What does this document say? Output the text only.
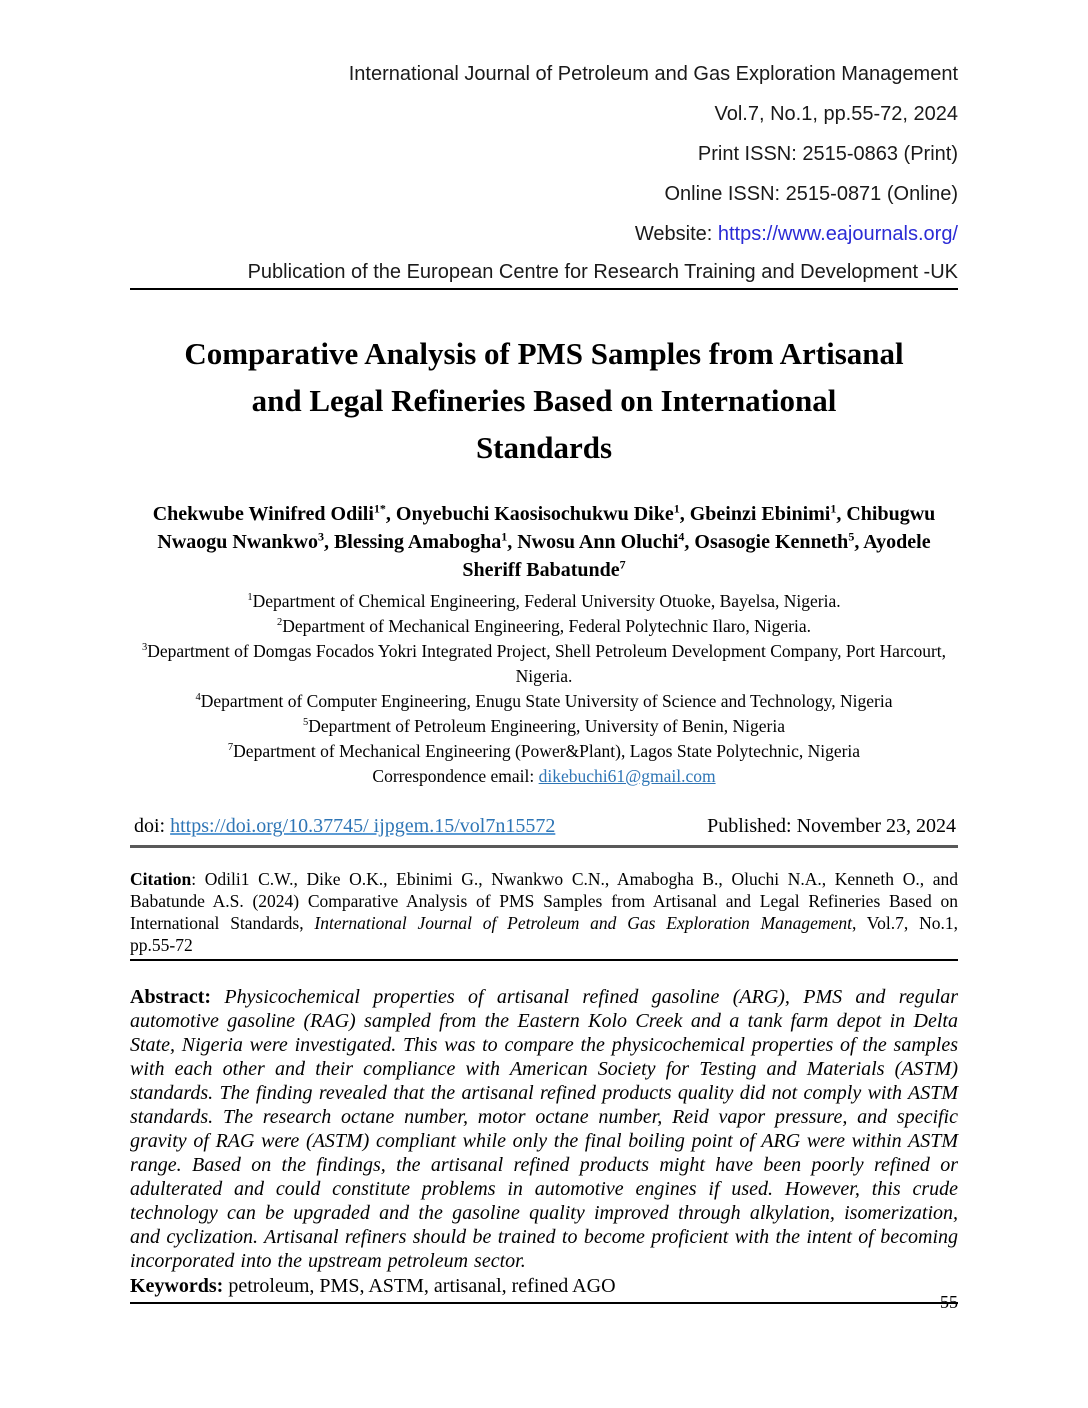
International Journal of Petroleum and Gas Exploration Management
Vol.7, No.1, pp.55-72, 2024
Print ISSN: 2515-0863 (Print)
Online ISSN: 2515-0871 (Online)
Website: https://www.eajournals.org/
Publication of the European Centre for Research Training and Development -UK
Comparative Analysis of PMS Samples from Artisanal
and Legal Refineries Based on International
Standards

Chekwube Winifred Odili$^{1*}$, Onyebuchi Kaosisochukwu Dike$^1$, Gbeinzi Ebinimi$^1$, Chibugwu Nwaogu Nwankwo$^3$, Blessing Amabogha$^1$, Nwosu Ann Oluchi$^4$, Osasogie Kenneth$^5$, Ayodele Sheriff Babatunde$^7$

$^1$Department of Chemical Engineering, Federal University Otuoke, Bayelsa, Nigeria.
$^2$Department of Mechanical Engineering, Federal Polytechnic Ilaro, Nigeria.
$^3$Department of Domgas Focados Yokri Integrated Project, Shell Petroleum Development Company, Port Harcourt, Nigeria.
$^4$Department of Computer Engineering, Enugu State University of Science and Technology, Nigeria
$^5$Department of Petroleum Engineering, University of Benin, Nigeria
$^7$Department of Mechanical Engineering (Power&Plant), Lagos State Polytechnic, Nigeria
Correspondence email: dikebuchi61@gmail.com
doi: https://doi.org/10.37745/ ijpgem.15/vol7n15572	Published: November 23, 2024

Citation: Odili1 C.W., Dike O.K., Ebinimi G., Nwankwo C.N., Amabogha B., Oluchi N.A., Kenneth O., and Babatunde A.S. (2024) Comparative Analysis of PMS Samples from Artisanal and Legal Refineries Based on International Standards, International Journal of Petroleum and Gas Exploration Management, Vol.7, No.1, pp.55-72

Abstract: Physicochemical properties of artisanal refined gasoline (ARG), PMS and regular automotive gasoline (RAG) sampled from the Eastern Kolo Creek and a tank farm depot in Delta State, Nigeria were investigated. This was to compare the physicochemical properties of the samples with each other and their compliance with American Society for Testing and Materials (ASTM) standards. The finding revealed that the artisanal refined products quality did not comply with ASTM standards. The research octane number, motor octane number, Reid vapor pressure, and specific gravity of RAG were (ASTM) compliant while only the final boiling point of ARG were within ASTM range. Based on the findings, the artisanal refined products might have been poorly refined or adulterated and could constitute problems in automotive engines if used. However, this crude technology can be upgraded and the gasoline quality improved through alkylation, isomerization, and cyclization. Artisanal refiners should be trained to become proficient with the intent of becoming incorporated into the upstream petroleum sector.

Keywords: petroleum, PMS, ASTM, artisanal, refined AGO

55
